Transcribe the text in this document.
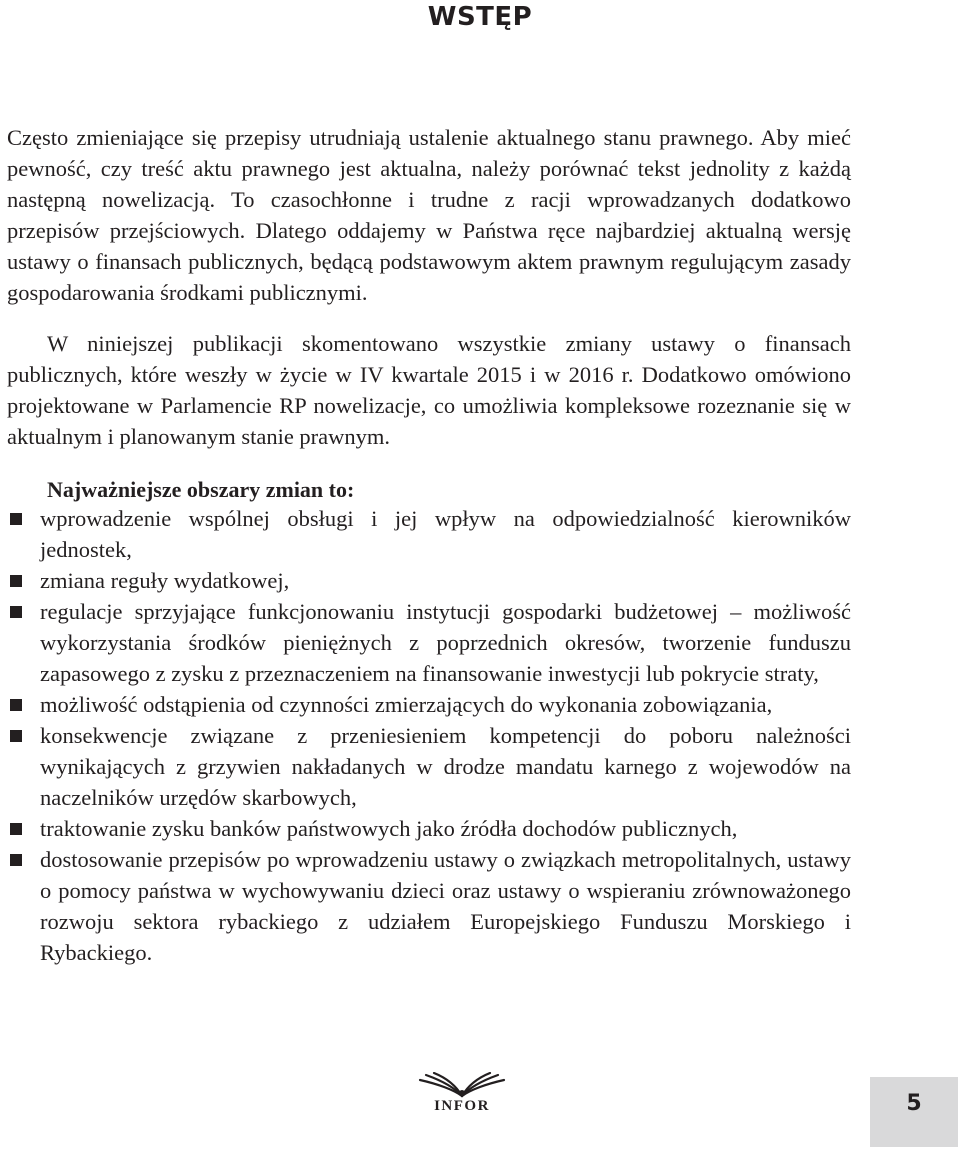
WSTĘP

Często zmieniające się przepisy utrudniają ustalenie aktualnego stanu prawnego. Aby mieć pewność, czy treść aktu prawnego jest aktualna, należy porównać tekst jednolity z każdą następną nowelizacją. To czasochłonne i trudne z racji wprowadzanych dodatkowo przepisów przejściowych. Dlatego oddajemy w Państwa ręce najbardziej aktualną wersję ustawy o finansach publicznych, będącą podstawowym aktem prawnym regulującym zasady gospodarowania środkami publicznymi.

W niniejszej publikacji skomentowano wszystkie zmiany ustawy o finansach publicznych, które weszły w życie w IV kwartale 2015 i w 2016 r. Dodatkowo omówiono projektowane w Parlamencie RP nowelizacje, co umożliwia kompleksowe rozeznanie się w aktualnym i planowanym stanie prawnym.

Najważniejsze obszary zmian to:

wprowadzenie wspólnej obsługi i jej wpływ na odpowiedzialność kierowników jednostek,
zmiana reguły wydatkowej,
regulacje sprzyjające funkcjonowaniu instytucji gospodarki budżetowej – możliwość wykorzystania środków pieniężnych z poprzednich okresów, tworzenie funduszu zapasowego z zysku z przeznaczeniem na finansowanie inwestycji lub pokrycie straty,
możliwość odstąpienia od czynności zmierzających do wykonania zobowiązania,
konsekwencje związane z przeniesieniem kompetencji do poboru należności wynikających z grzywien nakładanych w drodze mandatu karnego z wojewodów na naczelników urzędów skarbowych,
traktowanie zysku banków państwowych jako źródła dochodów publicznych,
dostosowanie przepisów po wprowadzeniu ustawy o związkach metropolitalnych, ustawy o pomocy państwa w wychowywaniu dzieci oraz ustawy o wspieraniu zrównoważonego rozwoju sektora rybackiego z udziałem Europejskiego Funduszu Morskiego i Rybackiego.
INFOR	5
